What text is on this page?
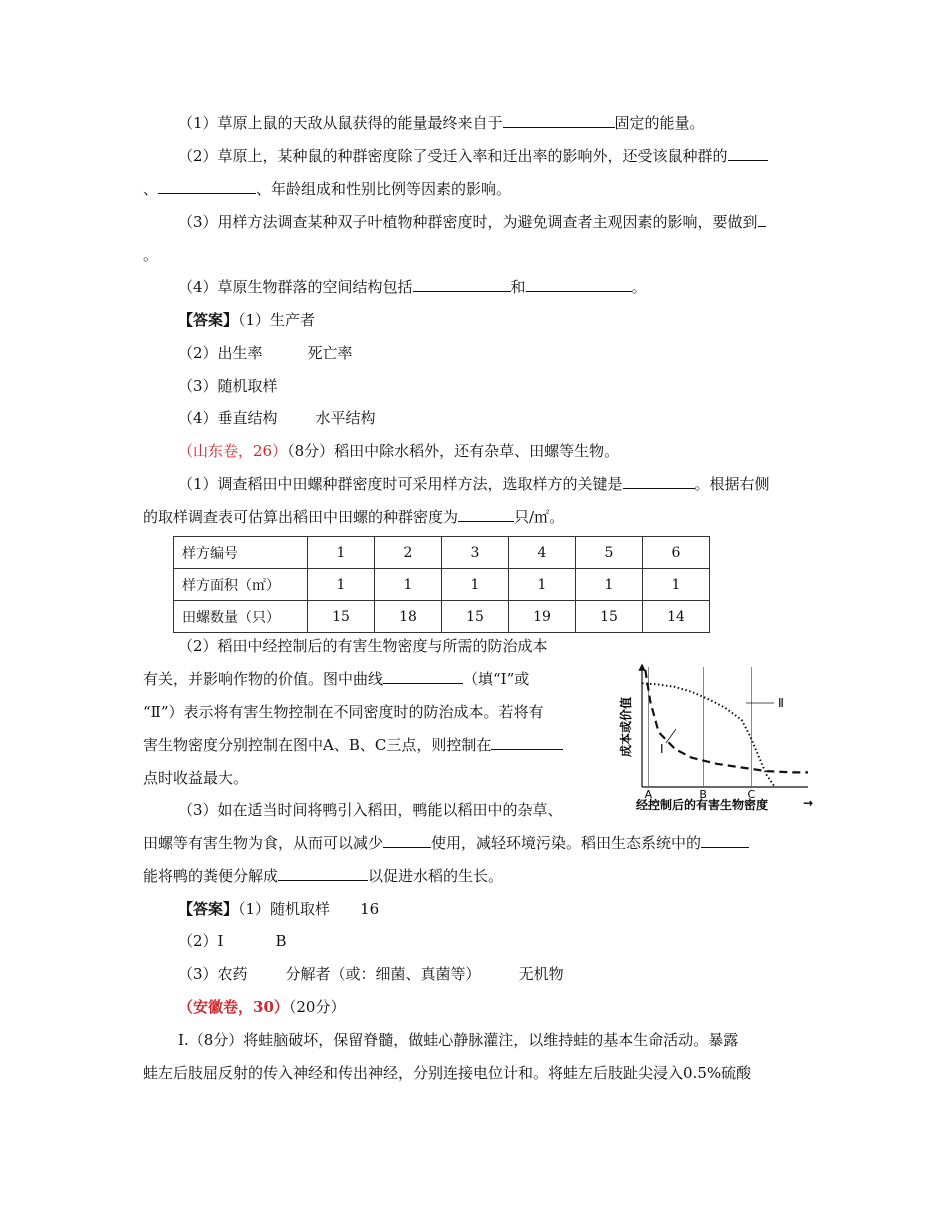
（1）草原上鼠的天敌从鼠获得的能量最终来自于	固定的能量。
（2）草原上，某种鼠的种群密度除了受迁入率和迁出率的影响外，还受该鼠种群的
、	、年龄组成和性别比例等因素的影响。
（3）用样方法调查某种双子叶植物种群密度时，为避免调查者主观因素的影响，要做到
。
（4）草原生物群落的空间结构包括	和	。
【答案】（1）生产者
（2）出生率	死亡率
（3）随机取样
（4）垂直结构	水平结构
（山东卷，26）（8分）稻田中除水稻外，还有杂草、田螺等生物。
（1）调查稻田中田螺种群密度时可采用样方法，选取样方的关键是	。根据右侧
的取样调查表可估算出稻田中田螺的种群密度为	只/㎡。
样方编号	1	2	3	4	5	6
样方面积（㎡）	1	1	1	1	1	1
田螺数量（只）	15	18	15	19	15	14
（2）稻田中经控制后的有害生物密度与所需的防治成本
有关，并影响作物的价值。图中曲线	（填“Ⅰ”或
“Ⅱ”）表示将有害生物控制在不同密度时的防治成本。若将有
害生物密度分别控制在图中A、B、C三点，则控制在
点时收益最大。
成本或价值
经控制后的有害生物密度	→
A	B	C
Ⅰ
Ⅱ
（3）如在适当时间将鸭引入稻田，鸭能以稻田中的杂草、
田螺等有害生物为食，从而可以减少	使用，减轻环境污染。稻田生态系统中的
能将鸭的粪便分解成	以促进水稻的生长。
【答案】（1）随机取样 16
（2）Ⅰ	B
（3）农药	分解者（或：细菌、真菌等）	无机物
（安徽卷，30）（20分）
Ⅰ.（8分）将蛙脑破坏，保留脊髓，做蛙心静脉灌注，以维持蛙的基本生命活动。暴露
蛙左后肢屈反射的传入神经和传出神经，分别连接电位计和。将蛙左后肢趾尖浸入0.5%硫酸
